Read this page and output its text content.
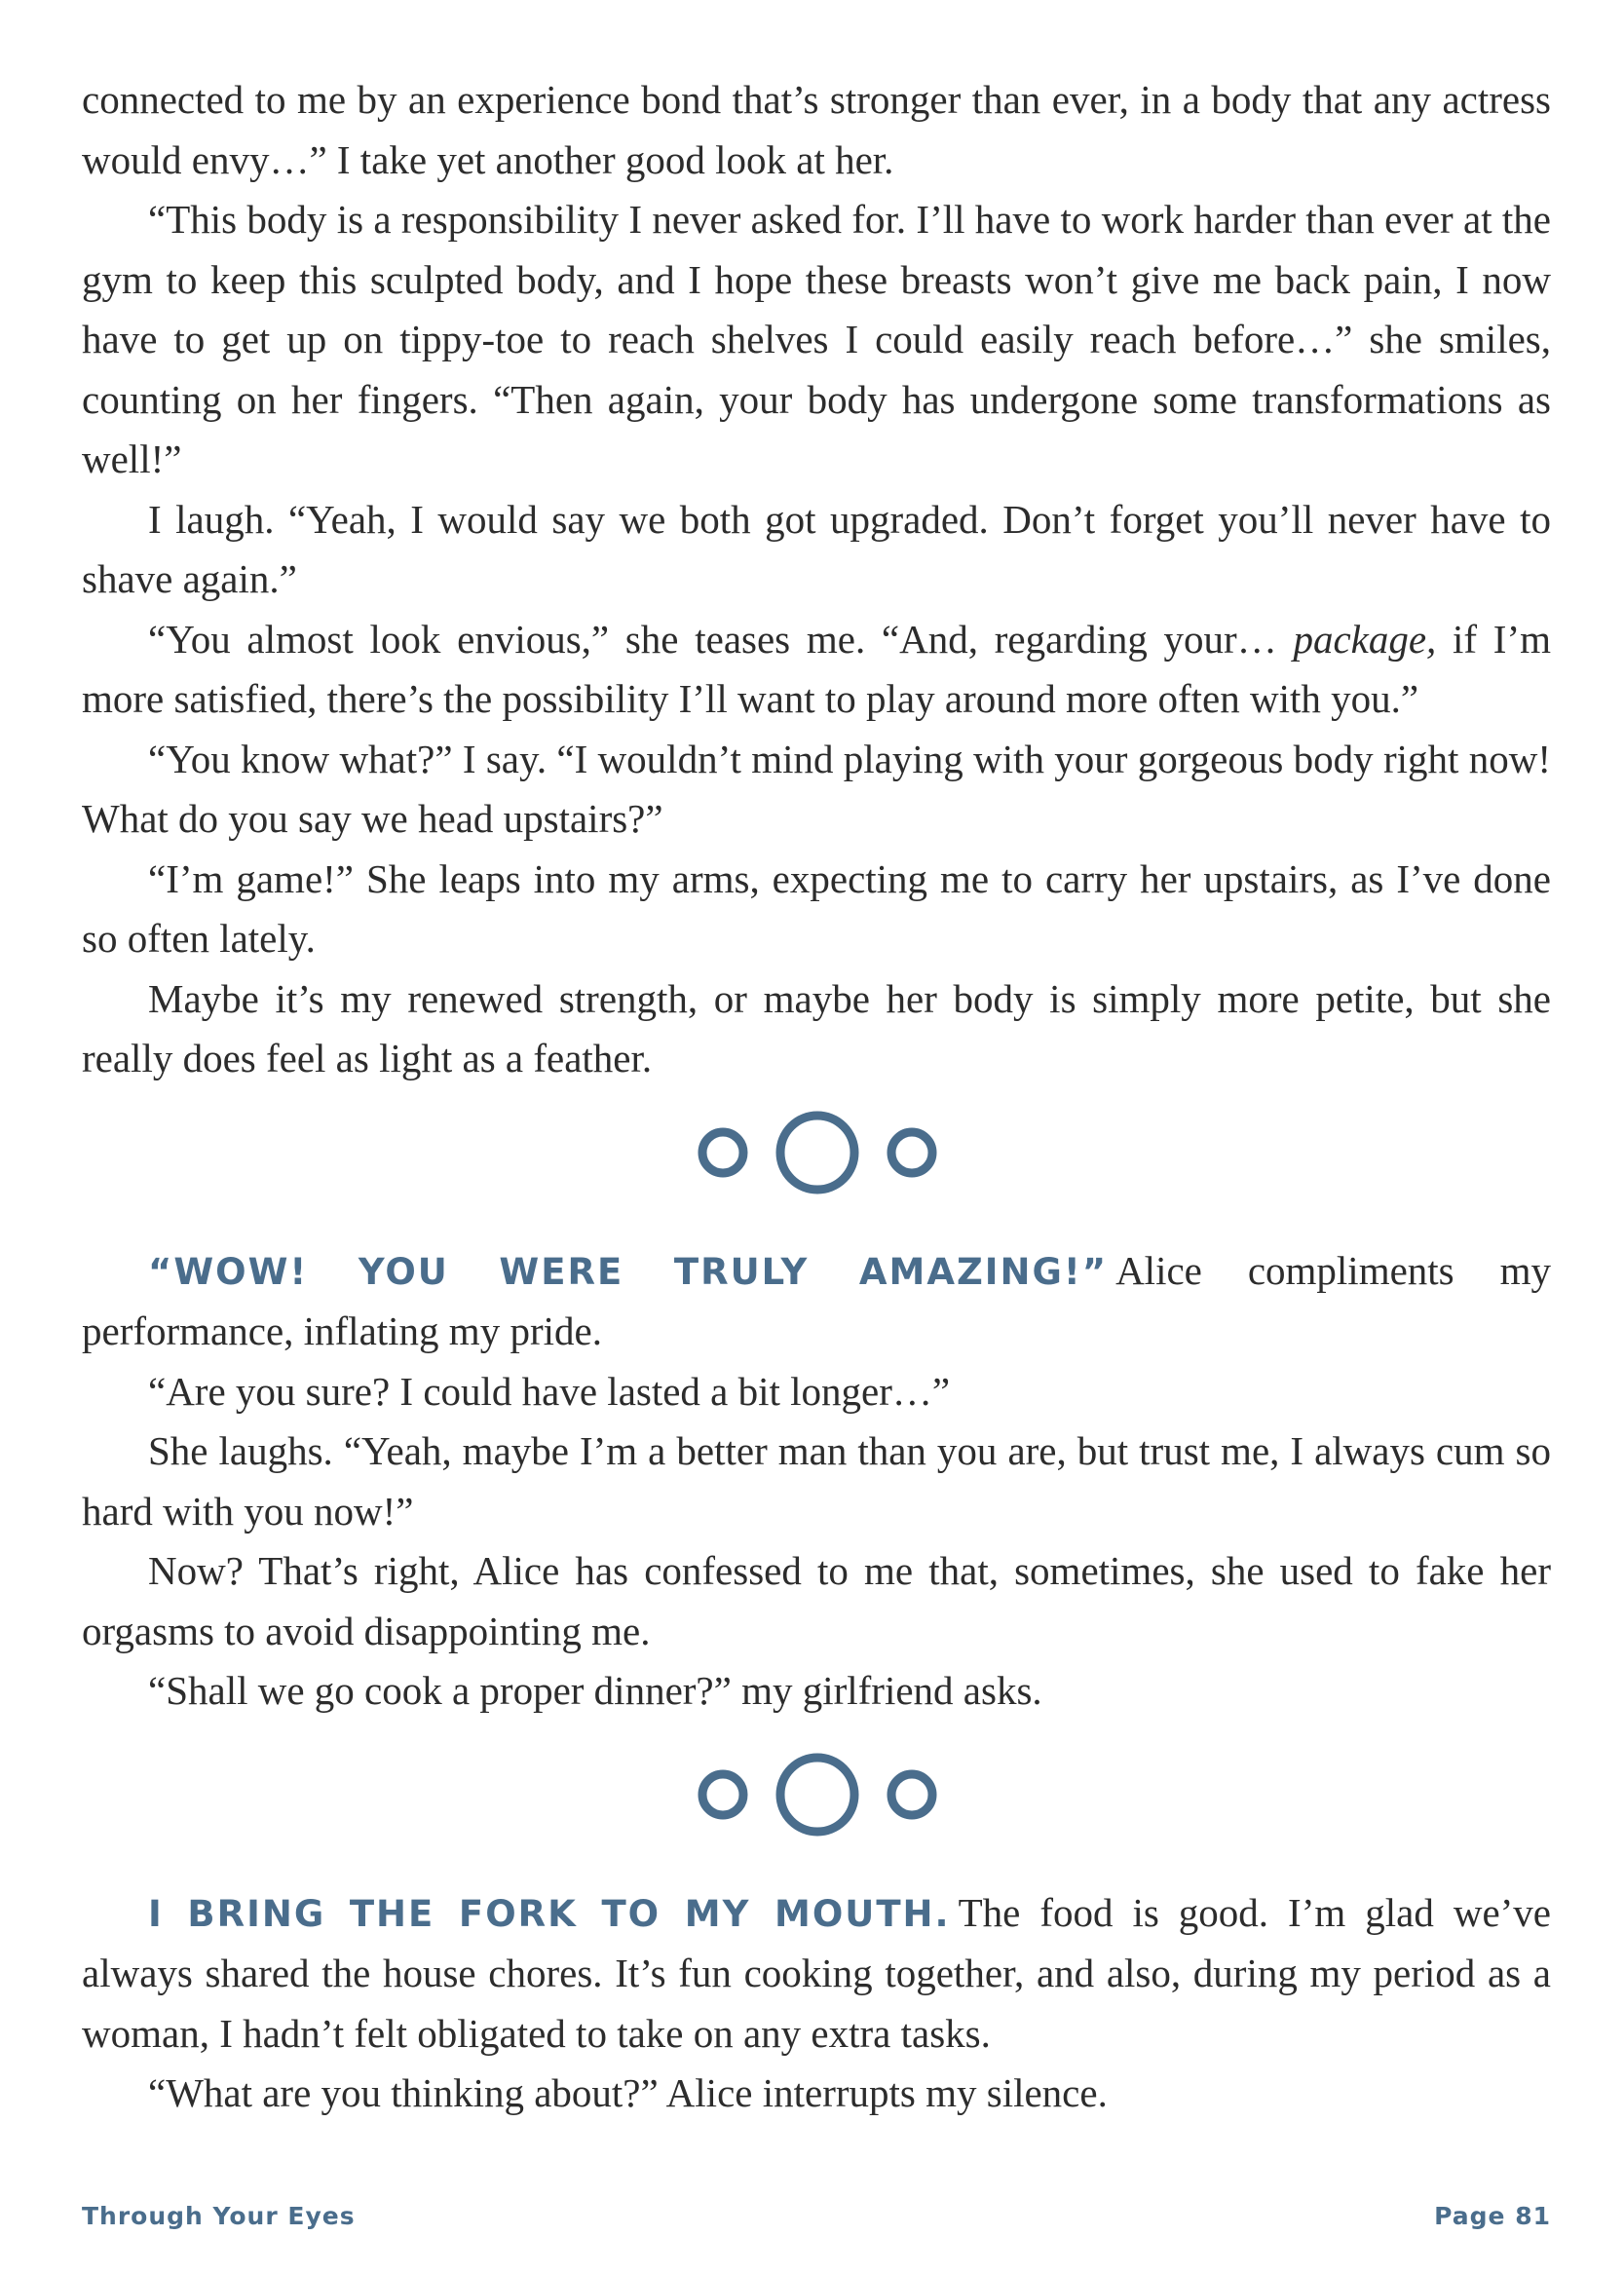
connected to me by an experience bond that’s stronger than ever, in a body that any actress would envy…” I take yet another good look at her.

“This body is a responsibility I never asked for. I’ll have to work harder than ever at the gym to keep this sculpted body, and I hope these breasts won’t give me back pain, I now have to get up on tippy-toe to reach shelves I could easily reach before…” she smiles, counting on her fingers. “Then again, your body has undergone some transformations as well!”

I laugh. “Yeah, I would say we both got upgraded. Don’t forget you’ll never have to shave again.”

“You almost look envious,” she teases me. “And, regarding your… package, if I’m more satisfied, there’s the possibility I’ll want to play around more often with you.”

“You know what?” I say. “I wouldn’t mind playing with your gorgeous body right now! What do you say we head upstairs?”

“I’m game!” She leaps into my arms, expecting me to carry her upstairs, as I’ve done so often lately.

Maybe it’s my renewed strength, or maybe her body is simply more petite, but she really does feel as light as a feather.

“WOW! YOU WERE TRULY AMAZING!” Alice compliments my performance, inflating my pride.

“Are you sure? I could have lasted a bit longer…”

She laughs. “Yeah, maybe I’m a better man than you are, but trust me, I always cum so hard with you now!”

Now? That’s right, Alice has confessed to me that, sometimes, she used to fake her orgasms to avoid disappointing me.

“Shall we go cook a proper dinner?” my girlfriend asks.

I BRING THE FORK TO MY MOUTH. The food is good. I’m glad we’ve always shared the house chores. It’s fun cooking together, and also, during my period as a woman, I hadn’t felt obligated to take on any extra tasks.

“What are you thinking about?” Alice interrupts my silence.

Through Your Eyes	Page 81
